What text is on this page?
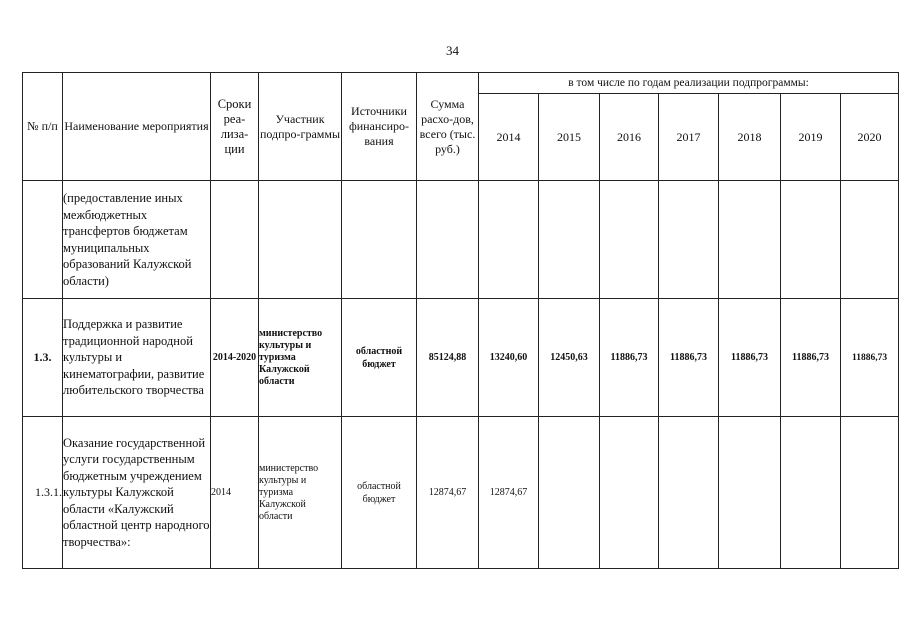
34
№ п/п	Наименование мероприятия	Сроки реа-лиза-ции	Участник подпро-граммы	Источники финансиро-вания	Сумма расхо-дов, всего (тыс. руб.)	в том числе по годам реализации подпрограммы:						
						2014	2015	2016	2017	2018	2019	2020
	(предоставление иных межбюджетных трансфертов бюджетам муниципальных образований Калужской области)											
1.3.	Поддержка и развитие традиционной народной культуры и кинематографии, развитие любительского творчества	2014-2020	министерство культуры и туризма Калужской области	областной бюджет	85124,88	13240,60	12450,63	11886,73	11886,73	11886,73	11886,73	11886,73
1.3.1.	Оказание государственной услуги государственным бюджетным учреждением культуры Калужской области «Калужский областной центр народного творчества»:	2014	министерство культуры и туризма Калужской области	областной бюджет	12874,67	12874,67						
